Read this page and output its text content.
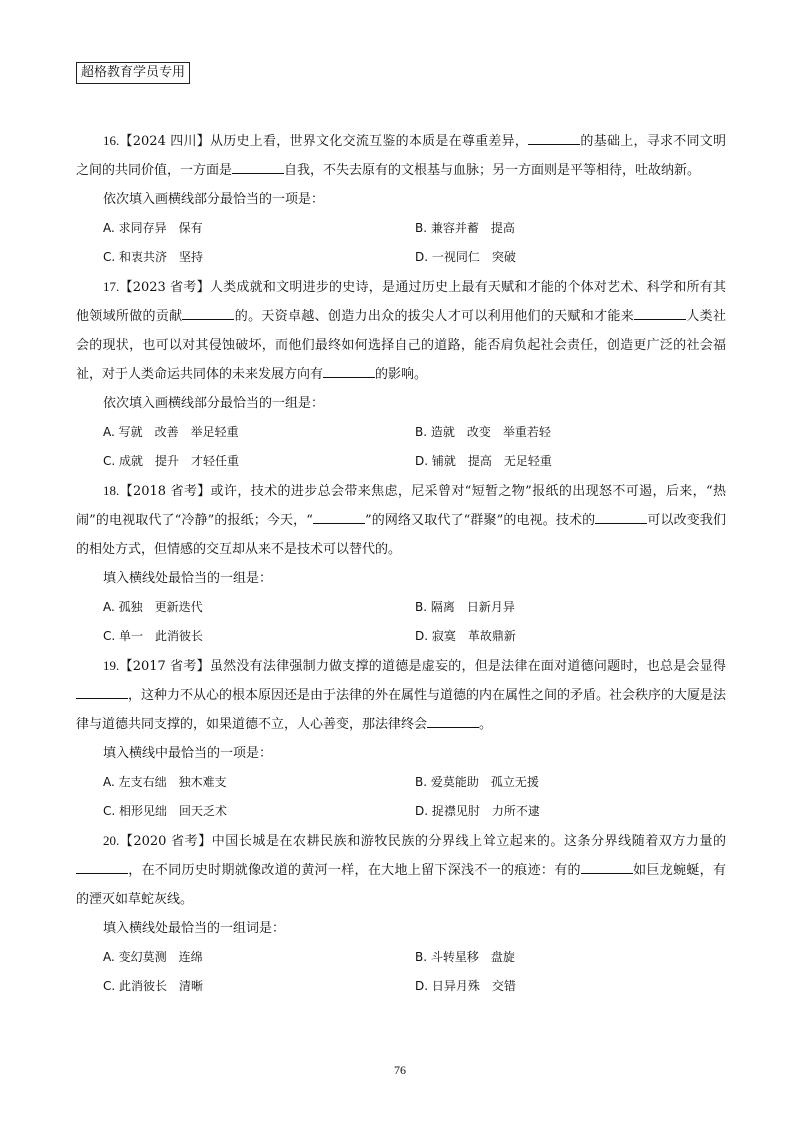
超格教育学员专用

16.【2024 四川】从历史上看，世界文化交流互鉴的本质是在尊重差异，	的基础上，寻求不同文明之间的共同价值，一方面是	自我，不失去原有的文根基与血脉；另一方面则是平等相待，吐故纳新。

依次填入画横线部分最恰当的一项是：

A. 求同存异　保有	B. 兼容并蓄　提高
C. 和衷共济　坚持	D. 一视同仁　突破

17.【2023 省考】人类成就和文明进步的史诗，是通过历史上最有天赋和才能的个体对艺术、科学和所有其他领域所做的贡献	的。天资卓越、创造力出众的拔尖人才可以利用他们的天赋和才能来	人类社会的现状，也可以对其侵蚀破坏，而他们最终如何选择自己的道路，能否肩负起社会责任，创造更广泛的社会福祉，对于人类命运共同体的未来发展方向有	的影响。

依次填入画横线部分最恰当的一组是：

A. 写就　改善　举足轻重	B. 造就　改变　举重若轻
C. 成就　提升　才轻任重	D. 铺就　提高　无足轻重

18.【2018 省考】或许，技术的进步总会带来焦虑，尼采曾对“短暂之物”报纸的出现怒不可遏，后来，“热闹”的电视取代了“冷静”的报纸；今天，“	”的网络又取代了“群聚”的电视。技术的	可以改变我们的相处方式，但情感的交互却从来不是技术可以替代的。

填入横线处最恰当的一组是：

A. 孤独　更新迭代	B. 隔离　日新月异
C. 单一　此消彼长	D. 寂寞　革故鼎新

19.【2017 省考】虽然没有法律强制力做支撑的道德是虚妄的，但是法律在面对道德问题时，也总是会显得，这种力不从心的根本原因还是由于法律的外在属性与道德的内在属性之间的矛盾。社会秩序的大厦是法律与道德共同支撑的，如果道德不立，人心善变，那法律终会	。

填入横线中最恰当的一项是：

A. 左支右绌　独木难支	B. 爱莫能助　孤立无援
C. 相形见绌　回天乏术	D. 捉襟见肘　力所不逮

20.【2020 省考】中国长城是在农耕民族和游牧民族的分界线上耸立起来的。这条分界线随着双方力量的，在不同历史时期就像改道的黄河一样，在大地上留下深浅不一的痕迹：有的	如巨龙蜿蜒，有的湮灭如草蛇灰线。

填入横线处最恰当的一组词是：

A. 变幻莫测　连绵	B. 斗转星移　盘旋
C. 此消彼长　清晰	D. 日异月殊　交错
76
